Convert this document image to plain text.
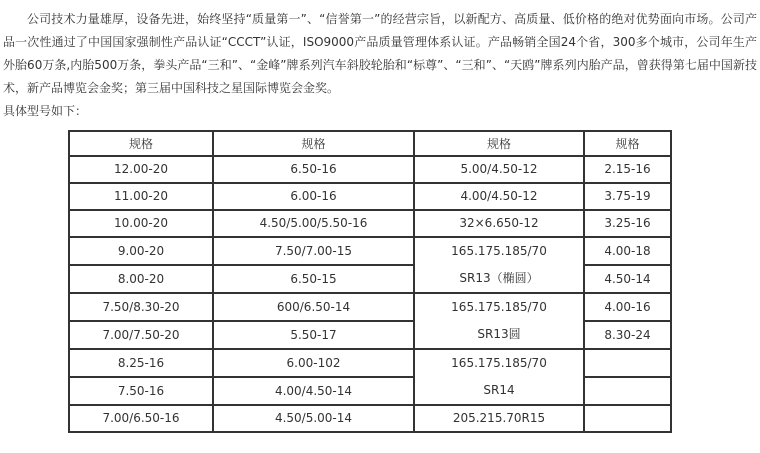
公司技术力量雄厚，设备先进，始终坚持“质量第一”、“信誉第一”的经营宗旨，以新配方、高质量、低价格的绝对优势面向市场。公司产品一次性通过了中国国家强制性产品认证“CCCT”认证，ISO9000产品质量管理体系认证。产品畅销全国24个省，300多个城市，公司年生产外胎60万条,内胎500万条，拳头产品“三和”、“金峰”牌系列汽车斜胶轮胎和“标尊”、“三和”、“天鸥”牌系列内胎产品，曾获得第七届中国新技术，新产品博览会金奖；第三届中国科技之星国际博览会金奖。

具体型号如下：

规格	规格	规格	规格

12.00-20	6.50-16	5.00/4.50-12	2.15-16

11.00-20	6.00-16	4.00/4.50-12	3.75-19

10.00-20	4.50/5.00/5.50-16	32×6.650-12	3.25-16

9.00-20	7.50/7.00-15	165.175.185/70
SR13（椭圆）	4.00-18

8.00-20	6.50-15		4.50-14

7.50/8.30-20	600/6.50-14	165.175.185/70
SR13圆	4.00-16

7.00/7.50-20	5.50-17		8.30-24

8.25-16	6.00-102	165.175.185/70
SR14	

7.50-16	4.00/4.50-14		

7.00/6.50-16	4.50/5.00-14	205.215.70R15	
